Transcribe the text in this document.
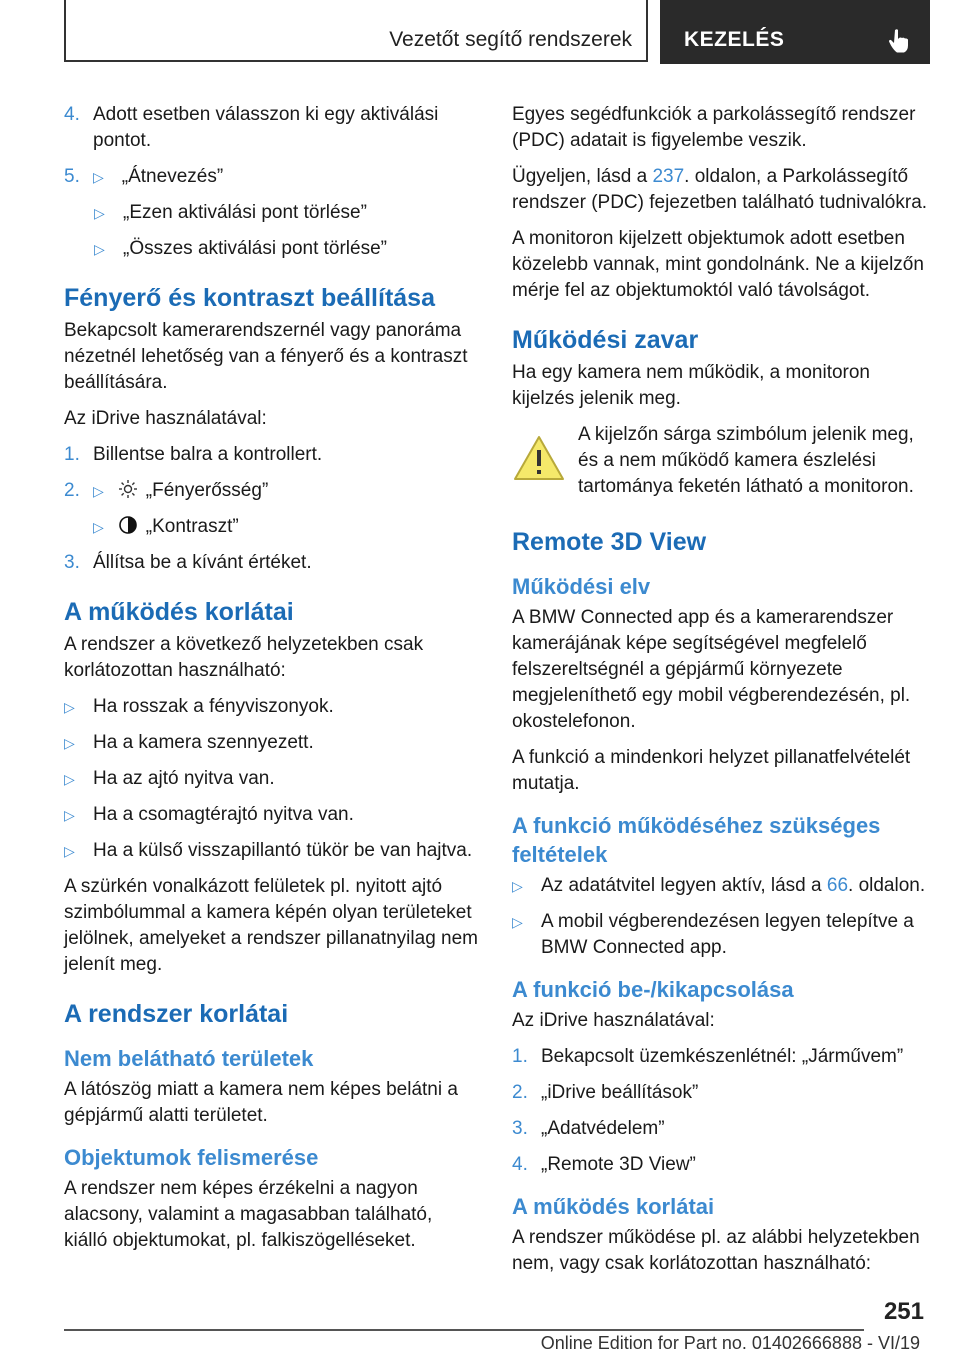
Vezetőt segítő rendszerek KEZELÉS
4. Adott esetben válasszon ki egy aktiválási pontot.
5. ▷ „Átnevezés”
▷ „Ezen aktiválási pont törlése”
▷ „Összes aktiválási pont törlése”
Fényerő és kontraszt beállítása

Bekapcsolt kamerarendszernél vagy panoráma nézetnél lehetőség van a fényerő és a kontraszt beállítására.

Az iDrive használatával:

1. Billentse balra a kontrollert.
2. ▷ „Fényerősség”
▷ „Kontraszt”
3. Állítsa be a kívánt értéket.
A működés korlátai

A rendszer a következő helyzetekben csak korlátozottan használható:

▷ Ha rosszak a fényviszonyok.
▷ Ha a kamera szennyezett.
▷ Ha az ajtó nyitva van.
▷ Ha a csomagtérajtó nyitva van.
▷ Ha a külső visszapillantó tükör be van hajtva.

A szürkén vonalkázott felületek pl. nyitott ajtó szimbólummal a kamera képén olyan területeket jelölnek, amelyeket a rendszer pillanatnyilag nem jelenít meg.

A rendszer korlátai
Nem belátható területek

A látószög miatt a kamera nem képes belátni a gépjármű alatti területet.

Objektumok felismerése

A rendszer nem képes érzékelni a nagyon alacsony, valamint a magasabban található, kiálló objektumokat, pl. falkiszögelléseket.

Egyes segédfunkciók a parkolássegítő rendszer (PDC) adatait is figyelembe veszik.

Ügyeljen, lásd a 237. oldalon, a Parkolássegítő rendszer (PDC) fejezetben található tudnivalókra.

A monitoron kijelzett objektumok adott esetben közelebb vannak, mint gondolnánk. Ne a kijelzőn mérje fel az objektumoktól való távolságot.

Működési zavar

Ha egy kamera nem működik, a monitoron kijelzés jelenik meg.

A kijelzőn sárga szimbólum jelenik meg, és a nem működő kamera észlelési tartománya feketén látható a monitoron.
Remote 3D View
Működési elv

A BMW Connected app és a kamerarendszer kamerájának képe segítségével megfelelő felszereltségnél a gépjármű környezete megjeleníthető egy mobil végberendezésén, pl. okostelefonon.

A funkció a mindenkori helyzet pillanatfelvételét mutatja.

A funkció működéséhez szükséges feltételek
▷ Az adatátvitel legyen aktív, lásd a 66. oldalon.
▷ A mobil végberendezésen legyen telepítve a BMW Connected app.
A funkció be-/kikapcsolása

Az iDrive használatával:

1. Bekapcsolt üzemkészenlétnél: „Járművem”
2. „iDrive beállítások”
3. „Adatvédelem”
4. „Remote 3D View”
A működés korlátai

A rendszer működése pl. az alábbi helyzetekben nem, vagy csak korlátozottan használható:

251
Online Edition for Part no. 01402666888 - VI/19
